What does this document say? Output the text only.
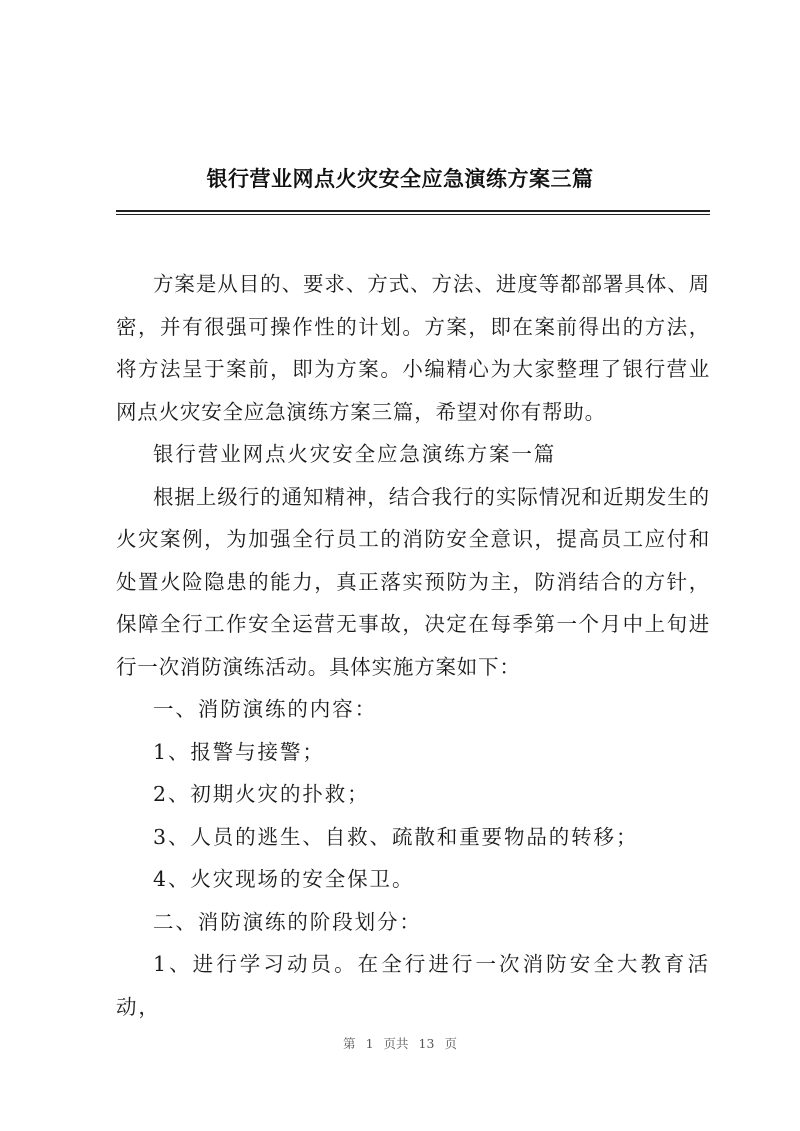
银行营业网点火灾安全应急演练方案三篇

方案是从目的、要求、方式、方法、进度等都部署具体、周密，并有很强可操作性的计划。方案，即在案前得出的方法，将方法呈于案前，即为方案。小编精心为大家整理了银行营业网点火灾安全应急演练方案三篇，希望对你有帮助。

银行营业网点火灾安全应急演练方案一篇

根据上级行的通知精神，结合我行的实际情况和近期发生的火灾案例，为加强全行员工的消防安全意识，提高员工应付和处置火险隐患的能力，真正落实预防为主，防消结合的方针，保障全行工作安全运营无事故，决定在每季第一个月中上旬进行一次消防演练活动。具体实施方案如下：

一、消防演练的内容：

1、报警与接警；

2、初期火灾的扑救；

3、人员的逃生、自救、疏散和重要物品的转移；

4、火灾现场的安全保卫。

二、消防演练的阶段划分：

1、进行学习动员。在全行进行一次消防安全大教育活动，

第 1 页共 13 页
